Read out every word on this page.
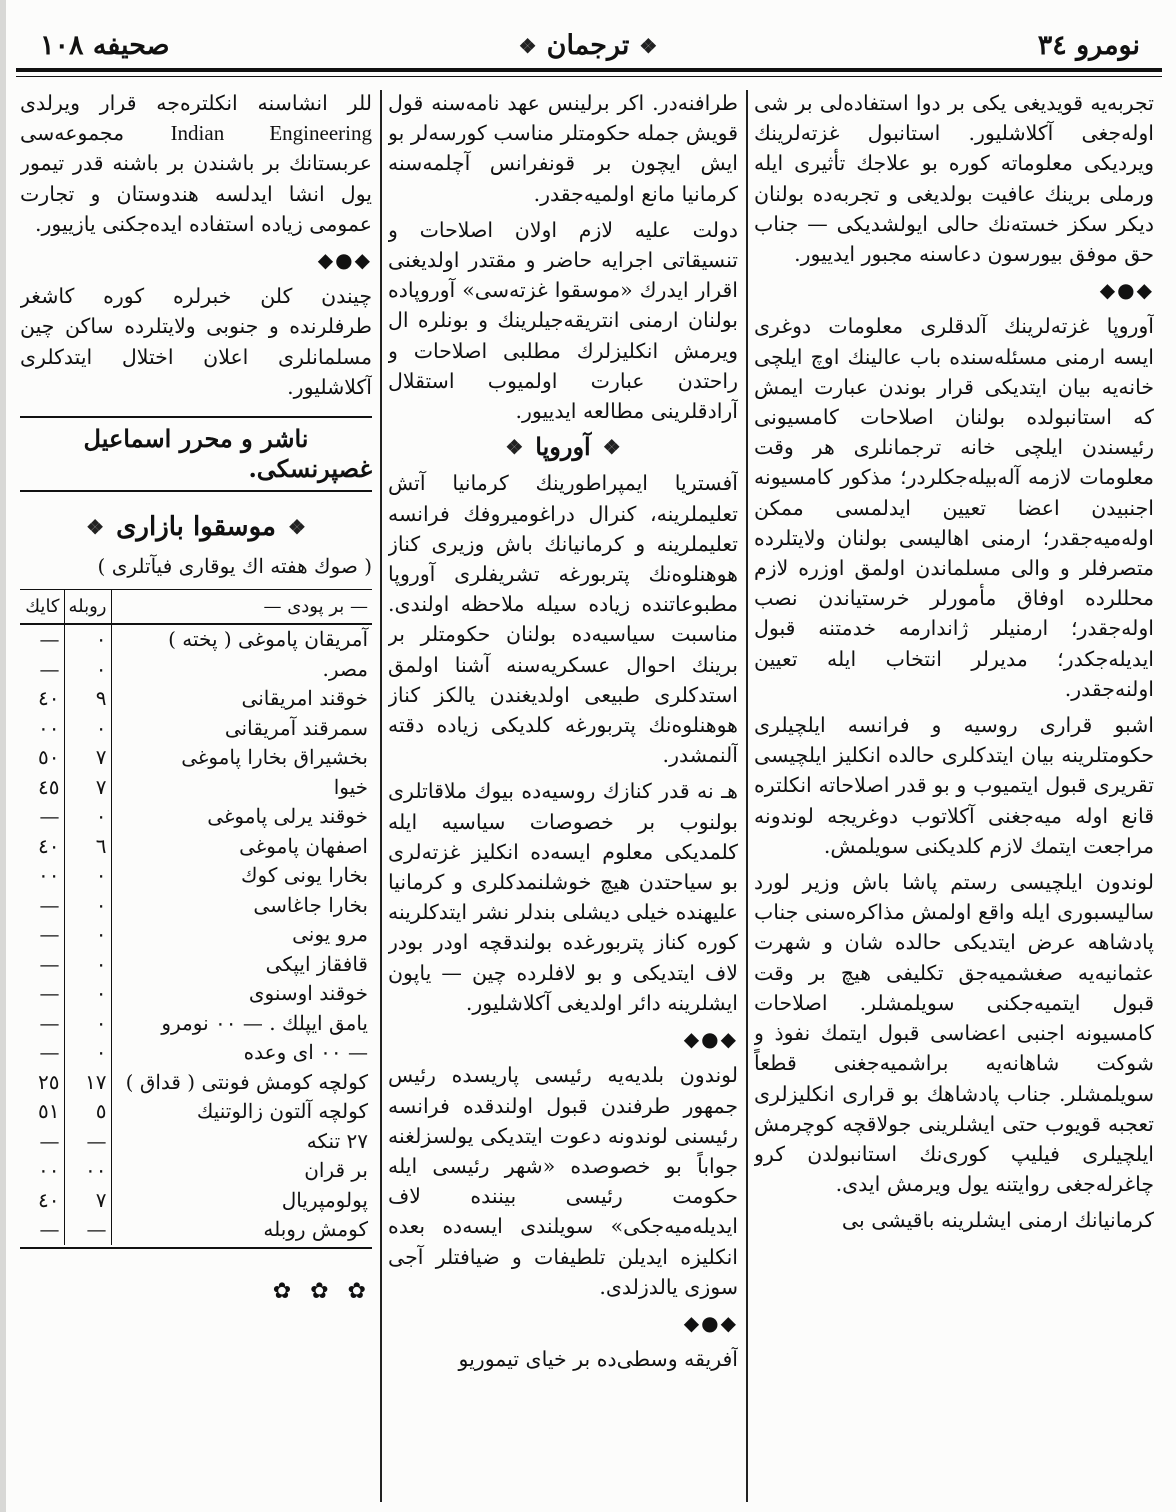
نومرو ٣٤
❖
ترجمان
❖
صحيفه ١٠٨

تجربه‌یه قويدیغی یکی بر دوا استفاده‌لی بر شی اوله‌جغی آکلاشلیور. استانبول غزته‌لرینك ویردیكی معلوماته كوره بو علاجك تأثیری ایله ورملی برینك عافیت بولدیغی و تجربه‌ده بولنان دیكر سكز خسته‌نك حالی ایولشدیكی — جناب حق موفق بیورسون دعاسنه مجبور ایدییور.

◆●◆

آوروپا غزته‌لرینك آلدقلری معلومات دوغری ایسه ارمنی مسئله‌سنده باب عالینك اوچ ایلچی خانه‌یه بیان ایتدیكی قرار بوندن عبارت ایمش كه استانبولده بولنان اصلاحات كامسیونی رئیسندن ایلچی خانه ترجمانلری هر وقت معلومات لازمه آله‌بیله‌جكلردر؛ مذكور كامسیونه اجنبیدن اعضا تعیین ایدلمسی ممكن اوله‌میه‌جقدر؛ ارمنی اهالیسی بولنان ولایتلرده متصرفلر و والی مسلماندن اولمق اوزره لازم محللرده اوفاق مأمورلر خرستیاندن نصب اوله‌جقدر؛ ارمنیلر ژاندارمه خدمتنه قبول ایدیله‌جكدر؛ مدیرلر انتخاب ایله تعیین اولنه‌جقدر.

اشبو قراری روسیه و فرانسه ایلچیلری حكومتلرینه بیان ایتدكلری حالده انكلیز ایلچیسی تقریری قبول ایتمیوب و بو قدر اصلاحاته انكلتره قانع اوله میه‌جغنی آكلاتوب دوغریجه لوندونه مراجعت ایتمك لازم كلدیكنی سویلمش.

لوندون ایلچیسی رستم پاشا باش وزیر لورد سالیسبوری ایله واقع اولمش مذاكره‌سنی جناب پادشاهه عرض ایتدیكی حالده شان و شهرت عثمانیه‌یه صغشمیه‌جق تكلیفی هیچ بر وقت قبول ایتمیه‌جكنی سویلمشلر. اصلاحات كامسیونه اجنبی اعضاسی قبول ایتمك نفوذ و شوكت شاهانه‌یه براشمیه‌جغنی قطعاً سویلمشلر. جناب پادشاهك بو قراری انكلیزلری تعجبه قویوب حتی ایشلرینی جولاقچه كوچرمش ایلچیلری فیلیپ كوری‌نك استانبولدن كرو چاغرله‌جغی روایتنه یول ویرمش ایدی.

كرمانیانك ارمنی ایشلرینه باقیشی بی

طرافنه‌در. اكر برلینس عهد نامه‌سنه قول قویش جمله حكومتلر مناسب كورسه‌لر بو ایش ایچون بر قونفرانس آچلمه‌سنه كرمانیا مانع اولمیه‌جقدر.

دولت علیه لازم اولان اصلاحات و تنسیقاتی اجرایه حاضر و مقتدر اولدیغنی اقرار ایدرك «موسقوا غزته‌سی» آوروپاده بولنان ارمنی انتریقه‌جیلرینك و بونلره ال ویرمش انكلیزلرك مطلبی اصلاحات و راحتدن عبارت اولمیوب استقلال آرادقلرینی مطالعه ایدییور.

❖
آوروپا
❖

آفستریا ایمپراطورینك كرمانیا آتش تعلیملرینه، كنرال دراغومیروفك فرانسه تعلیملرینه و كرمانیانك باش وزیری كناز هوهنلوه‌نك پتربورغه تشریفلری آوروپا مطبوعاتنده زیاده سیله ملاحظه اولندی. مناسبت سیاسیه‌ده بولنان حكومتلر بر برینك احوال عسكریه‌سنه آشنا اولمق استدكلری طبیعی اولدیغندن یالكز كناز هوهنلوه‌نك پتربورغه كلدیكی زیاده دقته آلنمشدر.

هـ نه قدر كنازك روسیه‌ده بیوك ملاقاتلری بولنوب بر خصوصات سیاسیه ایله كلمدیكی معلوم ایسه‌ده انكلیز غزته‌لری بو سیاحتدن هیچ خوشلنمدكلری و كرمانیا علیهنده خیلی دیشلی بندلر نشر ایتدكلرینه كوره كناز پتربورغده بولندقچه اودر بودر لاف ایتدیكی و بو لافلرده چین — یاپون ایشلرینه دائر اولدیغی آكلاشلیور.

◆●◆

لوندون بلدیه‌یه رئیسی پاریسده رئیس جمهور طرفندن قبول اولندقده فرانسه رئیسنی لوندونه دعوت ایتدیكی یولسزلغنه جواباً بو خصوصده «شهر رئیسی ایله حكومت رئیسی بیننده لاف ایدیله‌میه‌جكی» سویلندی ایسه‌ده بعده انكلیزه ایدیلن تلطیفات و ضیافتلر آجی سوزی یالدزلدی.

◆●◆

آفریقه وسطی‌ده بر خیای تیموریو

للر انشاسنه انكلتره‌جه قرار ویرلدی Indian Engineering مجموعه‌سی عربستانك بر باشندن بر باشنه قدر تیمور یول انشا ایدلسه هندوستان و تجارت عمومی زیاده استفاده ایده‌جكنی یازییور.

◆●◆

چیندن كلن خبرلره كوره كاشغر طرفلرنده و جنوبی ولایتلرده ساكن چین مسلمانلری اعلان اختلال ایتدكلری آكلاشلیور.

ناشر و محرر اسماعیل غصپرنسکی.
❖
موسقوا بازاری
❖
( صوك هفته اك یوقاری فیآتلری )
— بر پودی —	روبله	كایك
آمریقان پاموغی ( پخته )	٠	—
مصر.	٠	—
خوقند امریقانی	٩	٤٠
سمرقند آمریقانی	٠	٠٠
بخشیراق بخارا پاموغی	٧	٥٠
خیوا	٧	٤٥
خوقند یرلی پاموغی	٠	—
اصفهان پاموغی	٦	٤٠
بخارا یونی كوك	٠	٠٠
بخارا جاغاسی	٠	—
مرو یونی	٠	—
قافقاز ایپكی	٠	—
خوقند اوسنوی	٠	—
یامق ایپلك . — ٠٠ نومرو	٠	—
— ٠٠ ای وعده	٠	—
كولچه كومش فونتی ( قداق )	١٧	٢٥
كولچه آلتون زالوتنیك	٥	٥١
٢٧ تنكه	—	—
بر قران	٠٠	٠٠
پولومپریال	٧	٤٠
كومش روبله	—	—
✿ ✿ ✿
